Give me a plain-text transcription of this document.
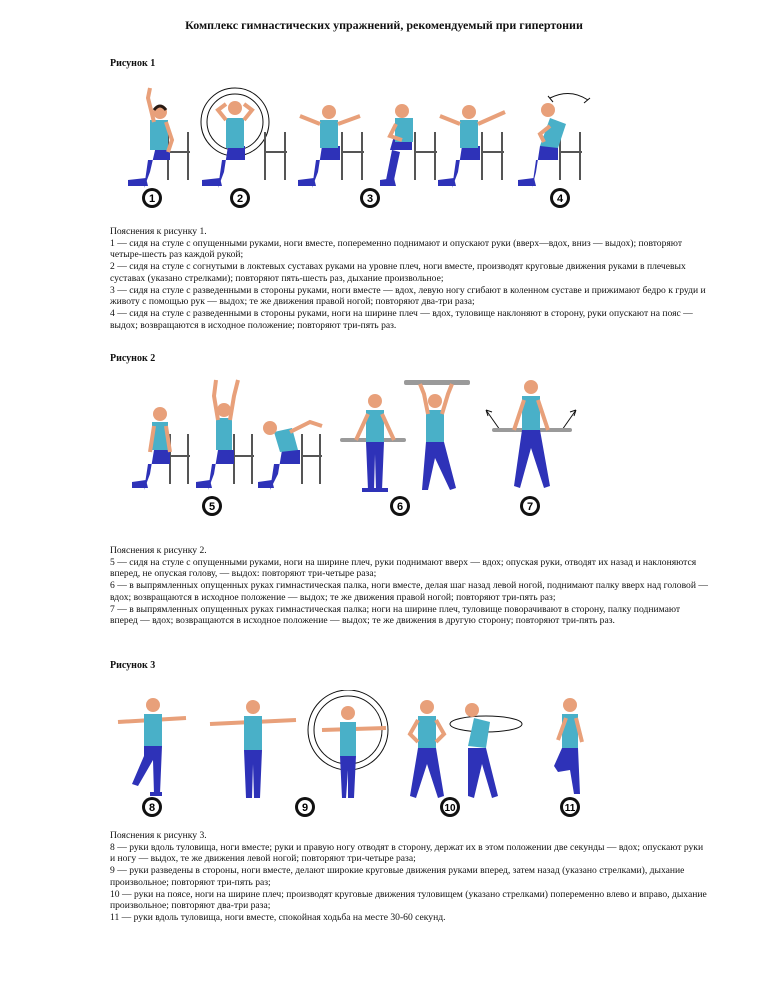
Комплекс гимнастических упражнений, рекомендуемый при гипертонии
Рисунок 1
1	2	3	4

Пояснения к рисунку 1.

1 — сидя на стуле с опущенными руками, ноги вместе, попеременно поднимают и опускают руки (вверх—вдох, вниз — выдох); повторяют четыре-шесть раз каждой рукой;

2 — сидя на стуле с согнутыми в локтевых суставах руками на уровне плеч, ноги вместе, производят круговые движения руками в плечевых суставах (указано стрелками); повторяют пять-шесть раз, дыхание произвольное;

3 — сидя на стуле с разведенными в стороны руками, ноги вместе — вдох, левую ногу сгибают в коленном суставе и прижимают бедро к груди и животу с помощью рук — выдох; те же движения правой ногой; повторяют два-три раза;

4 — сидя на стуле с разведенными в стороны руками, ноги на ширине плеч — вдох, туловище наклоняют в сторону, руки опускают на пояс — выдох; возвращаются в исходное положение; повторяют три-пять раз.

Рисунок 2
5	6	7

Пояснения к рисунку 2.

5 — сидя на стуле с опущенными руками, ноги на ширине плеч, руки поднимают вверх — вдох; опуская руки, отводят их назад и наклоняются вперед, не опуская голову, — выдох: повторяют три-четыре раза;

6 — в выпрямленных опущенных руках гимнастическая палка, ноги вместе, делая шаг назад левой ногой, поднимают палку вверх над головой — вдох; возвращаются в исходное положение — выдох; те же движения правой ногой; повторяют три-пять раз;

7 — в выпрямленных опущенных руках гимнастическая палка; ноги на ширине плеч, туловище поворачивают в сторону, палку поднимают вперед — вдох; возвращаются в исходное положение — выдох; те же движения в другую сторону; повторяют три-пять раз.

Рисунок 3
8	9	10	11

Пояснения к рисунку 3.

8 — руки вдоль туловища, ноги вместе; руки и правую ногу отводят в сторону, держат их в этом положении две секунды — вдох; опускают руки и ногу — выдох, те же движения левой ногой; повторяют три-четыре раза;

9 — руки разведены в стороны, ноги вместе, делают широкие круговые движения руками вперед, затем назад (указано стрелками), дыхание произвольное; повторяют три-пять раз;

10 — руки на поясе, ноги на ширине плеч; производят круговые движения туловищем (указано стрелками) попеременно влево и вправо, дыхание произвольное; повторяют два-три раза;

11 — руки вдоль туловища, ноги вместе, спокойная ходьба на месте 30-60 секунд.
